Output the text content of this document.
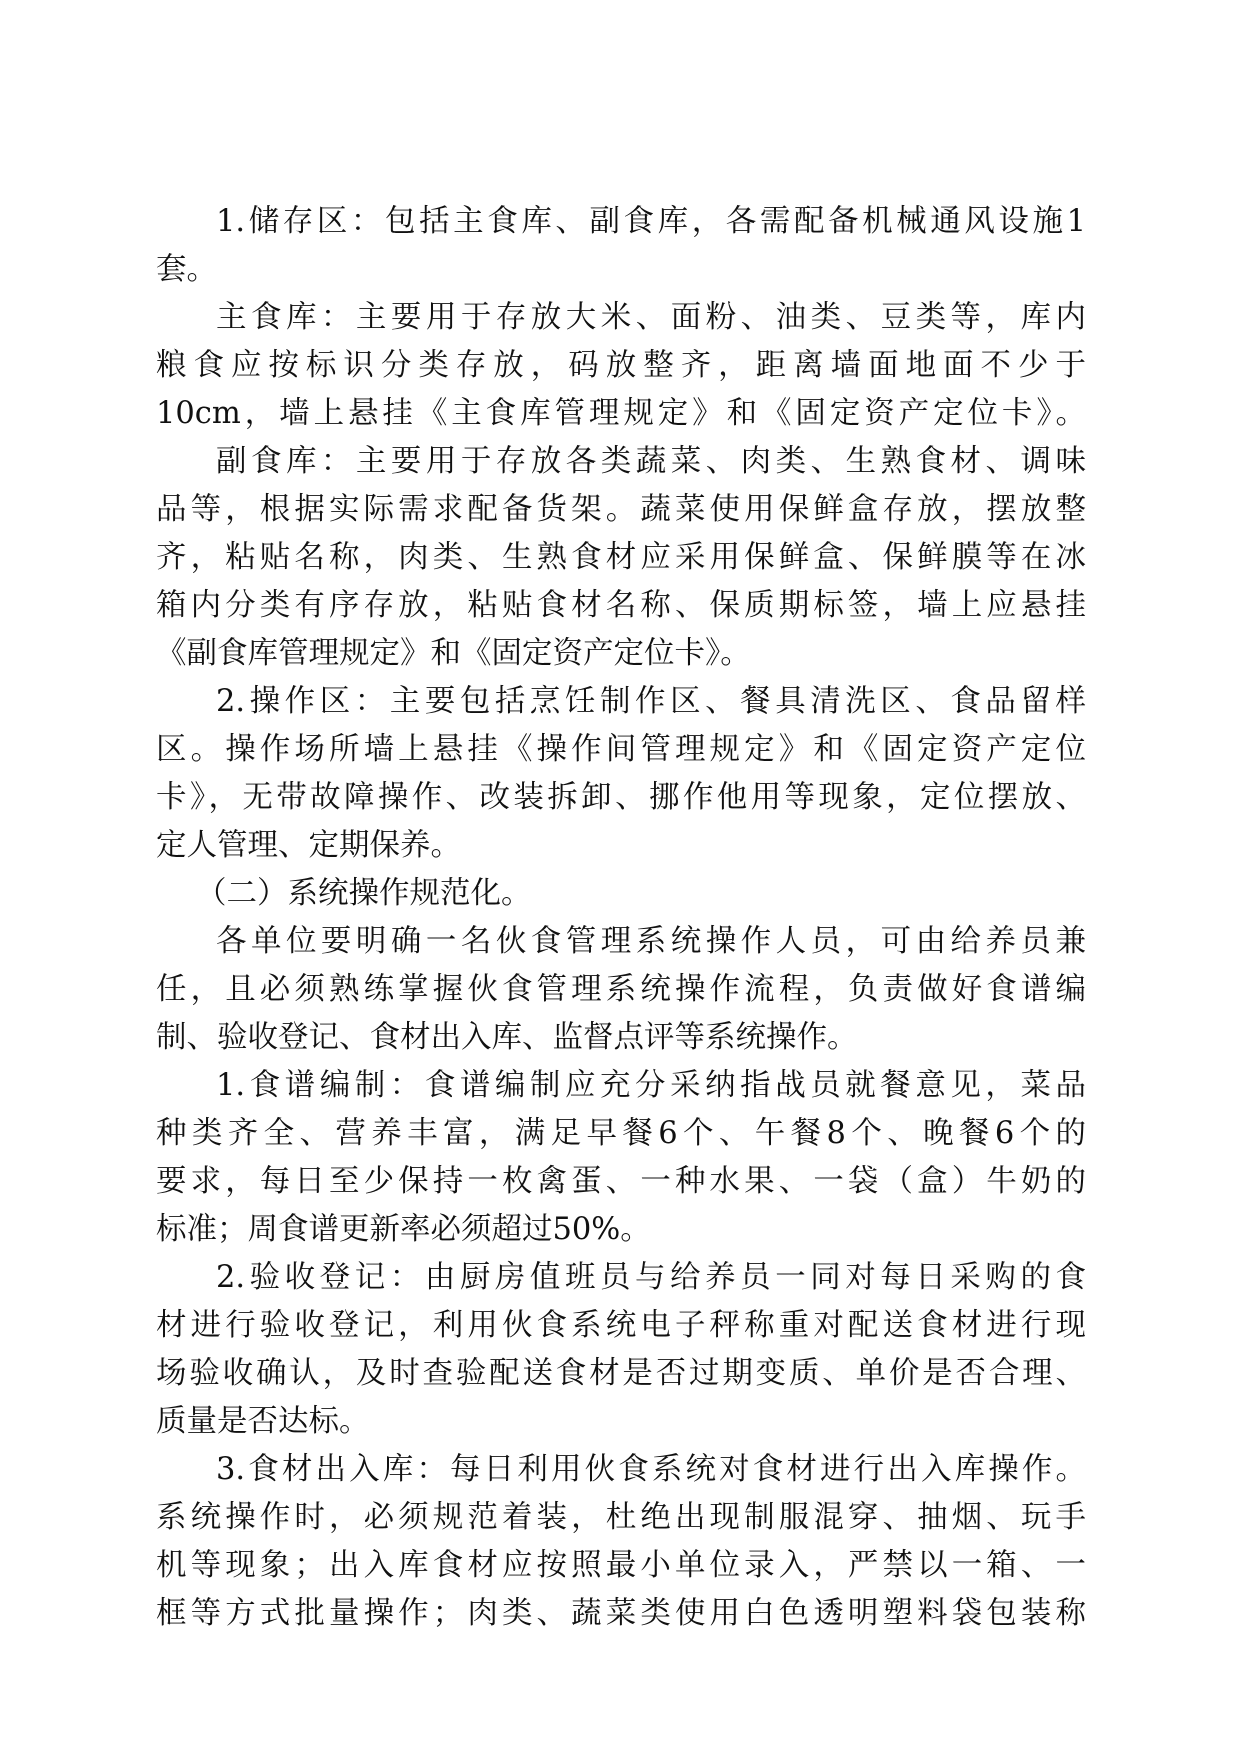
1.储存区：包括主食库、副食库，各需配备机械通风设施1
套。
主食库：主要用于存放大米、面粉、油类、豆类等，库内
粮食应按标识分类存放，码放整齐，距离墙面地面不少于
10cm，墙上悬挂《主食库管理规定》和《固定资产定位卡》。
副食库：主要用于存放各类蔬菜、肉类、生熟食材、调味
品等，根据实际需求配备货架。蔬菜使用保鲜盒存放，摆放整
齐，粘贴名称，肉类、生熟食材应采用保鲜盒、保鲜膜等在冰
箱内分类有序存放，粘贴食材名称、保质期标签，墙上应悬挂
《副食库管理规定》和《固定资产定位卡》。
2.操作区：主要包括烹饪制作区、餐具清洗区、食品留样
区。操作场所墙上悬挂《操作间管理规定》和《固定资产定位
卡》，无带故障操作、改装拆卸、挪作他用等现象，定位摆放、
定人管理、定期保养。
（二）系统操作规范化。
各单位要明确一名伙食管理系统操作人员，可由给养员兼
任，且必须熟练掌握伙食管理系统操作流程，负责做好食谱编
制、验收登记、食材出入库、监督点评等系统操作。
1.食谱编制：食谱编制应充分采纳指战员就餐意见，菜品
种类齐全、营养丰富，满足早餐6个、午餐8个、晚餐6个的
要求，每日至少保持一枚禽蛋、一种水果、一袋（盒）牛奶的
标准；周食谱更新率必须超过50%。
2.验收登记：由厨房值班员与给养员一同对每日采购的食
材进行验收登记，利用伙食系统电子秤称重对配送食材进行现
场验收确认，及时查验配送食材是否过期变质、单价是否合理、
质量是否达标。
3.食材出入库：每日利用伙食系统对食材进行出入库操作。
系统操作时，必须规范着装，杜绝出现制服混穿、抽烟、玩手
机等现象；出入库食材应按照最小单位录入，严禁以一箱、一
框等方式批量操作；肉类、蔬菜类使用白色透明塑料袋包装称
